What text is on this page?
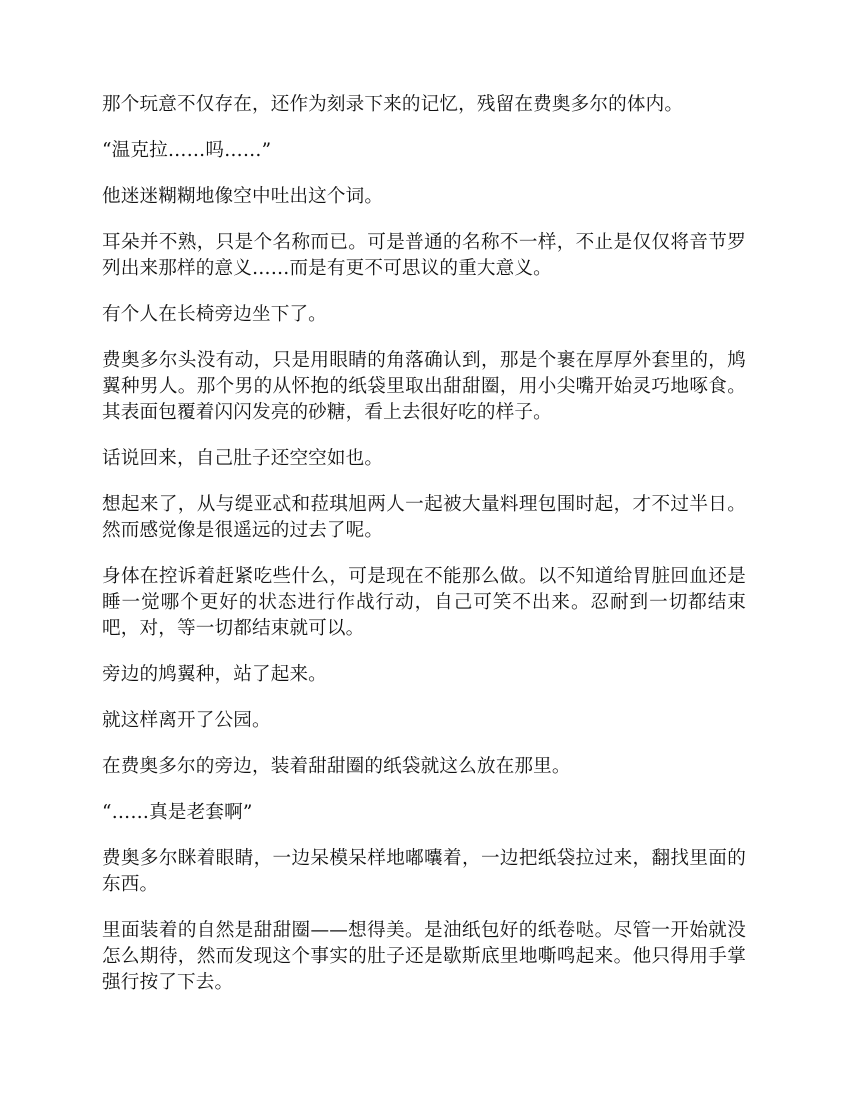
那个玩意不仅存在，还作为刻录下来的记忆，残留在费奥多尔的体内。

“温克拉……吗……”

他迷迷糊糊地像空中吐出这个词。

耳朵并不熟，只是个名称而已。可是普通的名称不一样，不止是仅仅将音节罗列出来那样的意义……而是有更不可思议的重大意义。

有个人在长椅旁边坐下了。

费奥多尔头没有动，只是用眼睛的角落确认到，那是个裹在厚厚外套里的，鸠翼种男人。那个男的从怀抱的纸袋里取出甜甜圈，用小尖嘴开始灵巧地啄食。其表面包覆着闪闪发亮的砂糖，看上去很好吃的样子。

话说回来，自己肚子还空空如也。

想起来了，从与缇亚忒和菈琪旭两人一起被大量料理包围时起，才不过半日。然而感觉像是很遥远的过去了呢。

身体在控诉着赶紧吃些什么，可是现在不能那么做。以不知道给胃脏回血还是睡一觉哪个更好的状态进行作战行动，自己可笑不出来。忍耐到一切都结束吧，对，等一切都结束就可以。

旁边的鸠翼种，站了起来。

就这样离开了公园。

在费奥多尔的旁边，装着甜甜圈的纸袋就这么放在那里。

“……真是老套啊”

费奥多尔眯着眼睛，一边呆模呆样地嘟囔着，一边把纸袋拉过来，翻找里面的东西。

里面装着的自然是甜甜圈——想得美。是油纸包好的纸卷哒。尽管一开始就没怎么期待，然而发现这个事实的肚子还是歇斯底里地嘶鸣起来。他只得用手掌强行按了下去。
